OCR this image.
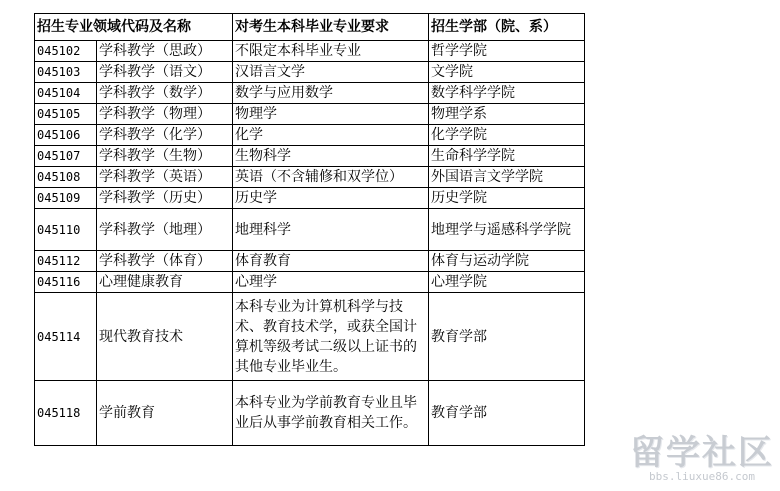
招生专业领域代码及名称		对考生本科毕业专业要求	招生学部（院、系）
045102	学科教学（思政）	不限定本科毕业专业	哲学学院
045103	学科教学（语文）	汉语言文学	文学院
045104	学科教学（数学）	数学与应用数学	数学科学学院
045105	学科教学（物理）	物理学	物理学系
045106	学科教学（化学）	化学	化学学院
045107	学科教学（生物）	生物科学	生命科学学院
045108	学科教学（英语）	英语（不含辅修和双学位）	外国语言文学学院
045109	学科教学（历史）	历史学	历史学院
045110	学科教学（地理）	地理科学	地理学与遥感科学学院
045112	学科教学（体育）	体育教育	体育与运动学院
045116	心理健康教育	心理学	心理学院
045114	现代教育技术	本科专业为计算机科学与技术、教育技术学，或获全国计算机等级考试二级以上证书的其他专业毕业生。	教育学部
045118	学前教育	本科专业为学前教育专业且毕业后从事学前教育相关工作。	教育学部
留学社区
bbs.liuxue86.com
